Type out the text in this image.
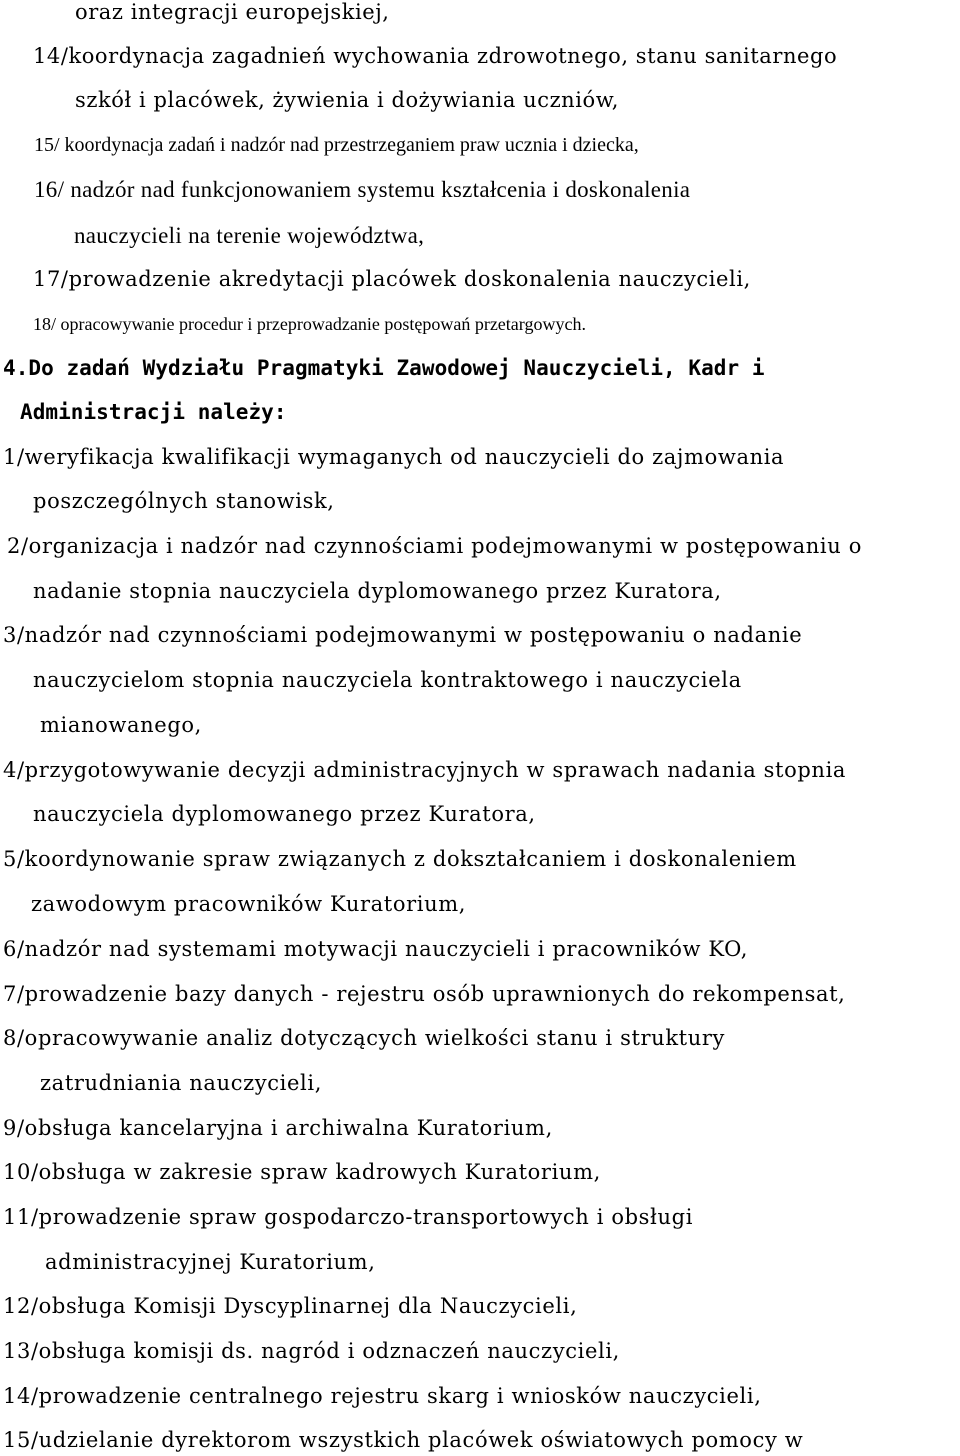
oraz integracji europejskiej,
14/koordynacja zagadnień wychowania zdrowotnego, stanu sanitarnego
szkół i placówek, żywienia i dożywiania uczniów,
15/ koordynacja zadań i nadzór nad przestrzeganiem praw ucznia i dziecka,
16/ nadzór nad funkcjonowaniem systemu kształcenia i doskonalenia
nauczycieli na terenie województwa,
17/prowadzenie akredytacji placówek doskonalenia nauczycieli,
18/ opracowywanie procedur i przeprowadzanie postępowań przetargowych.
4.Do zadań Wydziału Pragmatyki Zawodowej Nauczycieli, Kadr i
Administracji należy:
1/weryfikacja kwalifikacji wymaganych od nauczycieli do zajmowania
poszczególnych stanowisk,
2/organizacja i nadzór nad czynnościami podejmowanymi w postępowaniu o
nadanie stopnia nauczyciela dyplomowanego przez Kuratora,
3/nadzór nad czynnościami podejmowanymi w postępowaniu o nadanie
nauczycielom stopnia nauczyciela kontraktowego i nauczyciela
mianowanego,
4/przygotowywanie decyzji administracyjnych w sprawach nadania stopnia
nauczyciela dyplomowanego przez Kuratora,
5/koordynowanie spraw związanych z dokształcaniem i doskonaleniem
zawodowym pracowników Kuratorium,
6/nadzór nad systemami motywacji nauczycieli i pracowników KO,
7/prowadzenie bazy danych - rejestru osób uprawnionych do rekompensat,
8/opracowywanie analiz dotyczących wielkości stanu i struktury
zatrudniania nauczycieli,
9/obsługa kancelaryjna i archiwalna Kuratorium,
10/obsługa w zakresie spraw kadrowych Kuratorium,
11/prowadzenie spraw gospodarczo-transportowych i obsługi
administracyjnej Kuratorium,
12/obsługa Komisji Dyscyplinarnej dla Nauczycieli,
13/obsługa komisji ds. nagród i odznaczeń nauczycieli,
14/prowadzenie centralnego rejestru skarg i wniosków nauczycieli,
15/udzielanie dyrektorom wszystkich placówek oświatowych pomocy w
